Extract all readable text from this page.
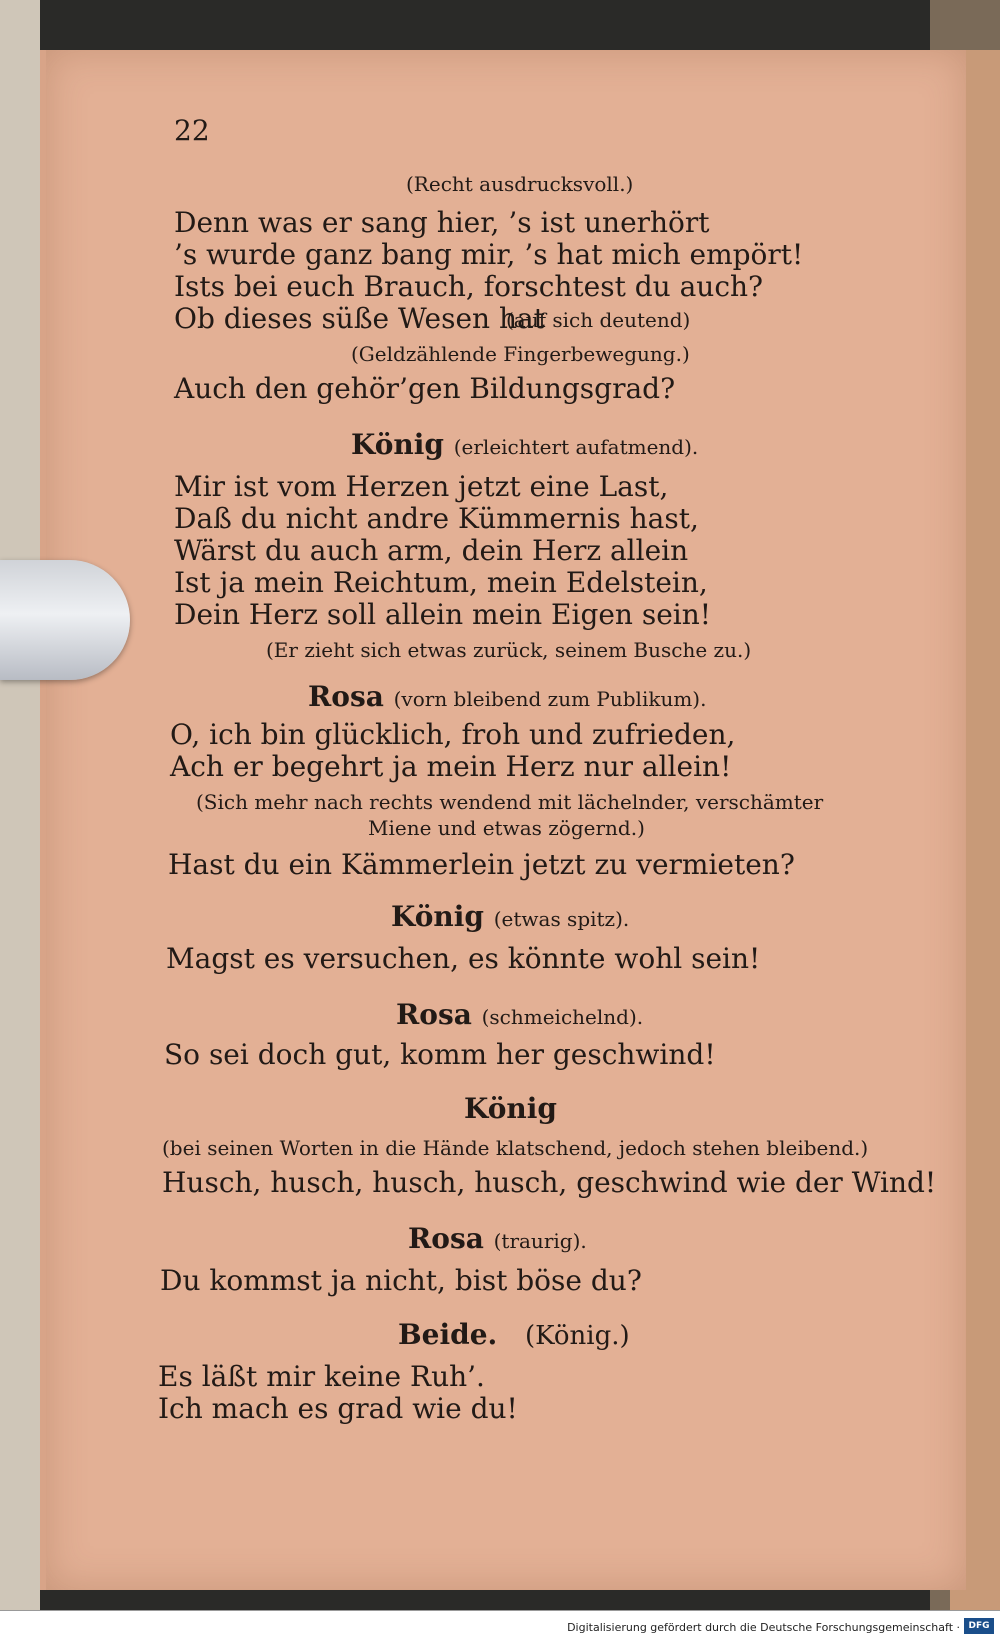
22
(Recht ausdrucksvoll.)
Denn was er sang hier, ’s ist unerhört
’s wurde ganz bang mir, ’s hat mich empört!
Ists bei euch Brauch, forschtest du auch?
Ob dieses süße Wesen hat
(auf sich deutend)
(Geldzählende Fingerbewegung.)
Auch den gehör’gen Bildungsgrad?
König (erleichtert aufatmend).
Mir ist vom Herzen jetzt eine Last,
Daß du nicht andre Kümmernis hast,
Wärst du auch arm, dein Herz allein
Ist ja mein Reichtum, mein Edelstein,
Dein Herz soll allein mein Eigen sein!
(Er zieht sich etwas zurück, seinem Busche zu.)
Rosa (vorn bleibend zum Publikum).
O, ich bin glücklich, froh und zufrieden,
Ach er begehrt ja mein Herz nur allein!
(Sich mehr nach rechts wendend mit lächelnder, verschämter
Miene und etwas zögernd.)
Hast du ein Kämmerlein jetzt zu vermieten?
König (etwas spitz).
Magst es versuchen, es könnte wohl sein!
Rosa (schmeichelnd).
So sei doch gut, komm her geschwind!
König
(bei seinen Worten in die Hände klatschend, jedoch stehen bleibend.)
Husch, husch, husch, husch, geschwind wie der Wind!
Rosa (traurig).
Du kommst ja nicht, bist böse du?
Beide. (König.)
Es läßt mir keine Ruh’.
Ich mach es grad wie du!
Digitalisierung gefördert durch die Deutsche Forschungsgemeinschaft · DFG
